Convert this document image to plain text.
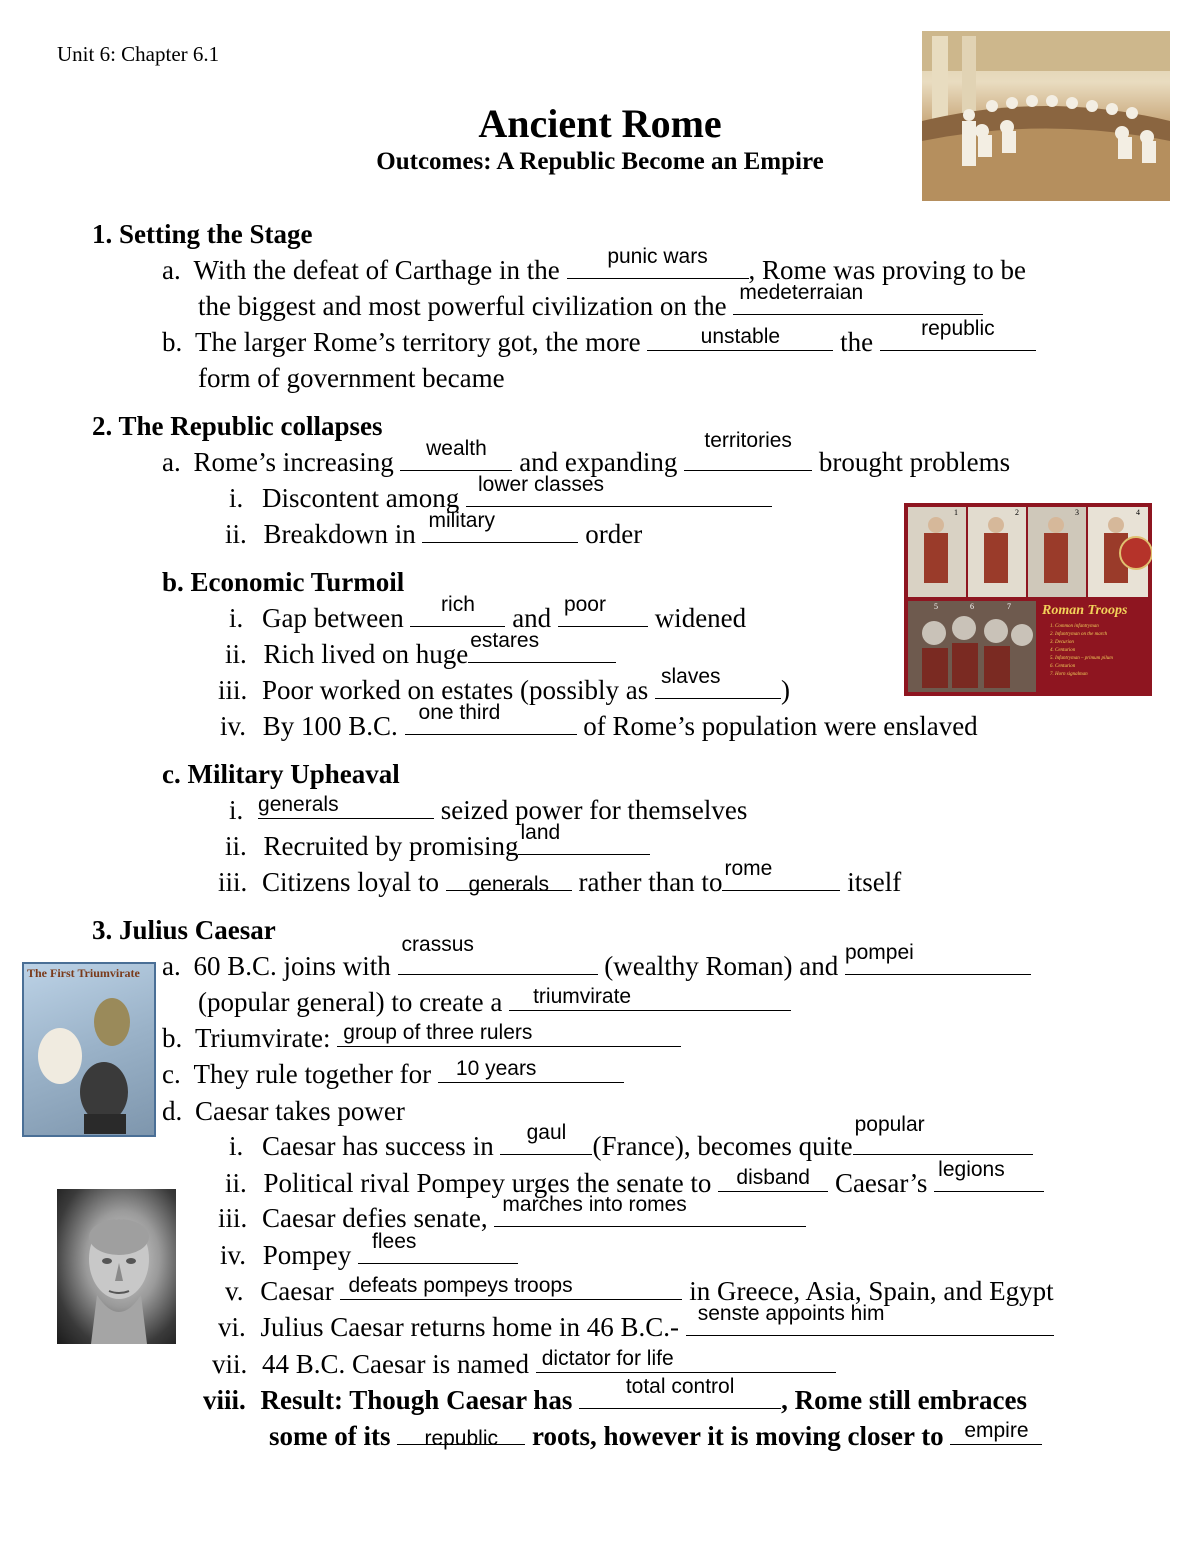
Unit 6: Chapter 6.1
Ancient Rome
Outcomes: A Republic Become an Empire
1	2	3	4
5	6	7 Roman Troops
1. Common infantryman
2. Infantryman on the march
3. Decurion
4. Centurion
5. Infantryman – primum pilum
6. Centurion
7. Horn signalman
The First Triumvirate
1. Setting the Stage
a. With the defeat of Carthage in the	punic wars	, Rome was proving to be
the biggest and most powerful civilization on the medeterraian
b. The larger Rome’s territory got, the more	unstable	the	republic
form of government became
2. The Republic collapses
a. Rome’s increasing	wealth and expanding
territories
brought problems
i. Discontent among lower classes
ii. Breakdown in military	order
b. Economic Turmoil
i. Gap between	rich	and poor	widened
ii. Rich lived on huge estares
iii. Poor worked on estates (possibly as slaves	)
iv. By 100 B.C. one third	of Rome’s population were enslaved
c. Military Upheaval
i. generals	seized power for themselves
ii. Recruited by promising land
iii. Citizens loyal to	generals rather than to rome	itself
3. Julius Caesar
a. 60 B.C. joins with
crassus
(wealthy Roman) and pompei
(popular general) to create a	triumvirate
b. Triumvirate: group of three rulers
c. They rule together for 10 years
d. Caesar takes power
i. Caesar has success in	gaul (France), becomes quite
popular
ii. Political rival Pompey urges the senate to disband Caesar’s legions
iii. Caesar defies senate, marches into romes
iv. Pompey flees
v. Caesar defeats pompeys troops	in Greece, Asia, Spain, and Egypt
vi. Julius Caesar returns home in 46 B.C.- senste appoints him
vii. 44 B.C. Caesar is named dictator for life
viii. Result: Though Caesar has	total control	, Rome still embraces
some of its	republic	roots, however it is moving closer to empire
